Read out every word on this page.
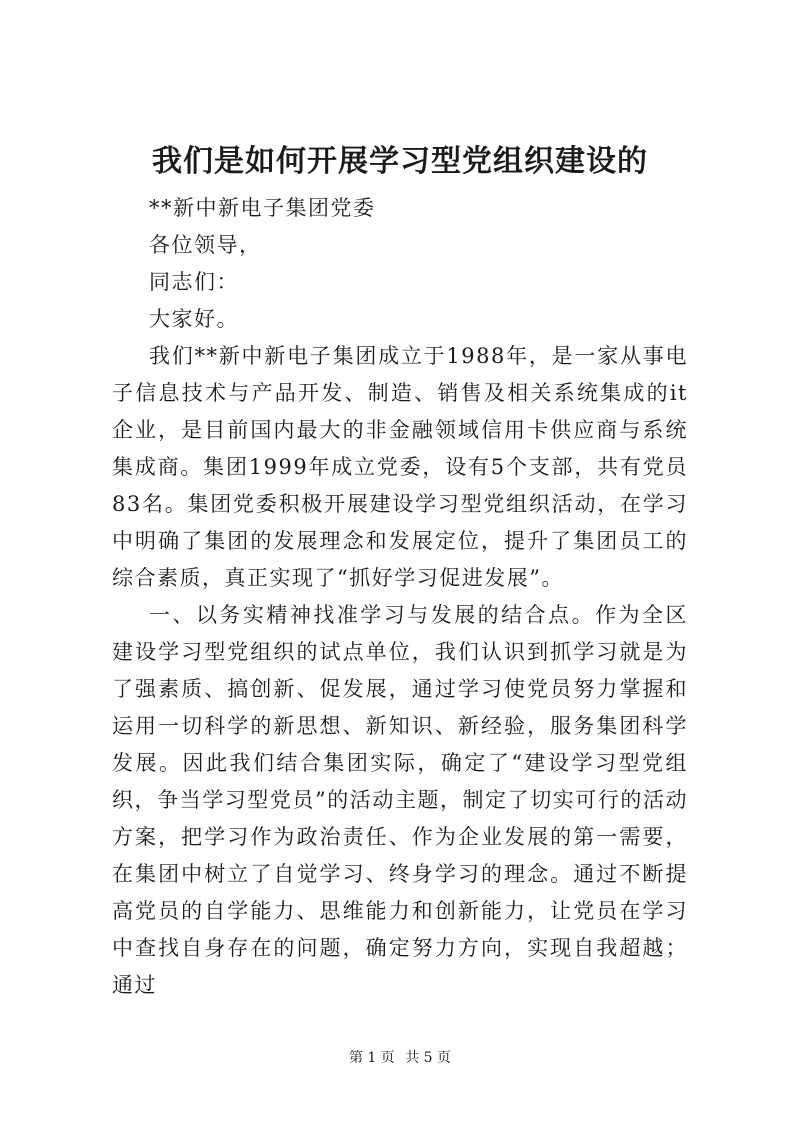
我们是如何开展学习型党组织建设的

**新中新电子集团党委

各位领导，

同志们：

大家好。

我们**新中新电子集团成立于1988年，是一家从事电子信息技术与产品开发、制造、销售及相关系统集成的it企业，是目前国内最大的非金融领域信用卡供应商与系统集成商。集团1999年成立党委，设有5个支部，共有党员83名。集团党委积极开展建设学习型党组织活动，在学习中明确了集团的发展理念和发展定位，提升了集团员工的综合素质，真正实现了“抓好学习促进发展”。

一、以务实精神找准学习与发展的结合点。作为全区建设学习型党组织的试点单位，我们认识到抓学习就是为了强素质、搞创新、促发展，通过学习使党员努力掌握和运用一切科学的新思想、新知识、新经验，服务集团科学发展。因此我们结合集团实际，确定了“建设学习型党组织，争当学习型党员”的活动主题，制定了切实可行的活动方案，把学习作为政治责任、作为企业发展的第一需要，在集团中树立了自觉学习、终身学习的理念。通过不断提高党员的自学能力、思维能力和创新能力，让党员在学习中查找自身存在的问题，确定努力方向，实现自我超越；通过

第 1 页 共 5 页
